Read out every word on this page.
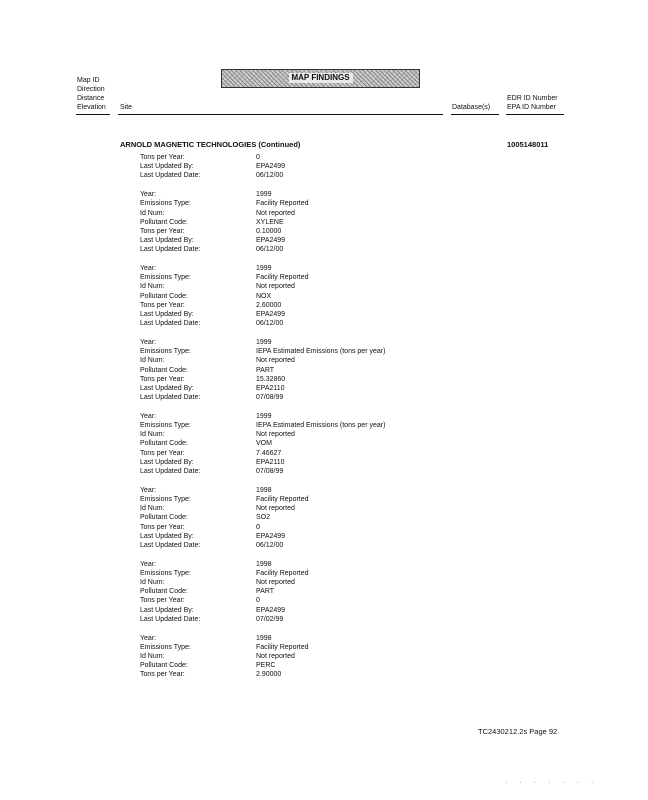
Map ID
Direction
Distance
Elevation Site
MAP FINDINGS
Database(s)
EDR ID Number
EPA ID Number
ARNOLD MAGNETIC TECHNOLOGIES (Continued)	1005148011
Tons per Year:	0
Last Updated By:	EPA2499
Last Updated Date:	06/12/00
Year:	1999
Emissions Type:	Facility Reported
Id Num:	Not reported
Pollutant Code:	XYLENE
Tons per Year:	0.10000
Last Updated By:	EPA2499
Last Updated Date:	06/12/00
Year:	1999
Emissions Type:	Facility Reported
Id Num:	Not reported
Pollutant Code:	NOX
Tons per Year:	2.60000
Last Updated By:	EPA2499
Last Updated Date:	06/12/00
Year:	1999
Emissions Type:	IEPA Estimated Emissions (tons per year)
Id Num:	Not reported
Pollutant Code:	PART
Tons per Year:	15.32860
Last Updated By:	EPA2110
Last Updated Date:	07/08/99
Year:	1999
Emissions Type:	IEPA Estimated Emissions (tons per year)
Id Num:	Not reported
Pollutant Code:	VOM
Tons per Year:	7.46627
Last Updated By:	EPA2110
Last Updated Date:	07/08/99
Year:	1998
Emissions Type:	Facility Reported
Id Num:	Not reported
Pollutant Code:	SO2
Tons per Year:	0
Last Updated By:	EPA2499
Last Updated Date:	06/12/00
Year:	1998
Emissions Type:	Facility Reported
Id Num:	Not reported
Pollutant Code:	PART
Tons per Year:	0
Last Updated By:	EPA2499
Last Updated Date:	07/02/99
Year:	1998
Emissions Type:	Facility Reported
Id Num:	Not reported
Pollutant Code:	PERC
Tons per Year:	2.90000
TC2430212.2s Page 92
·······
